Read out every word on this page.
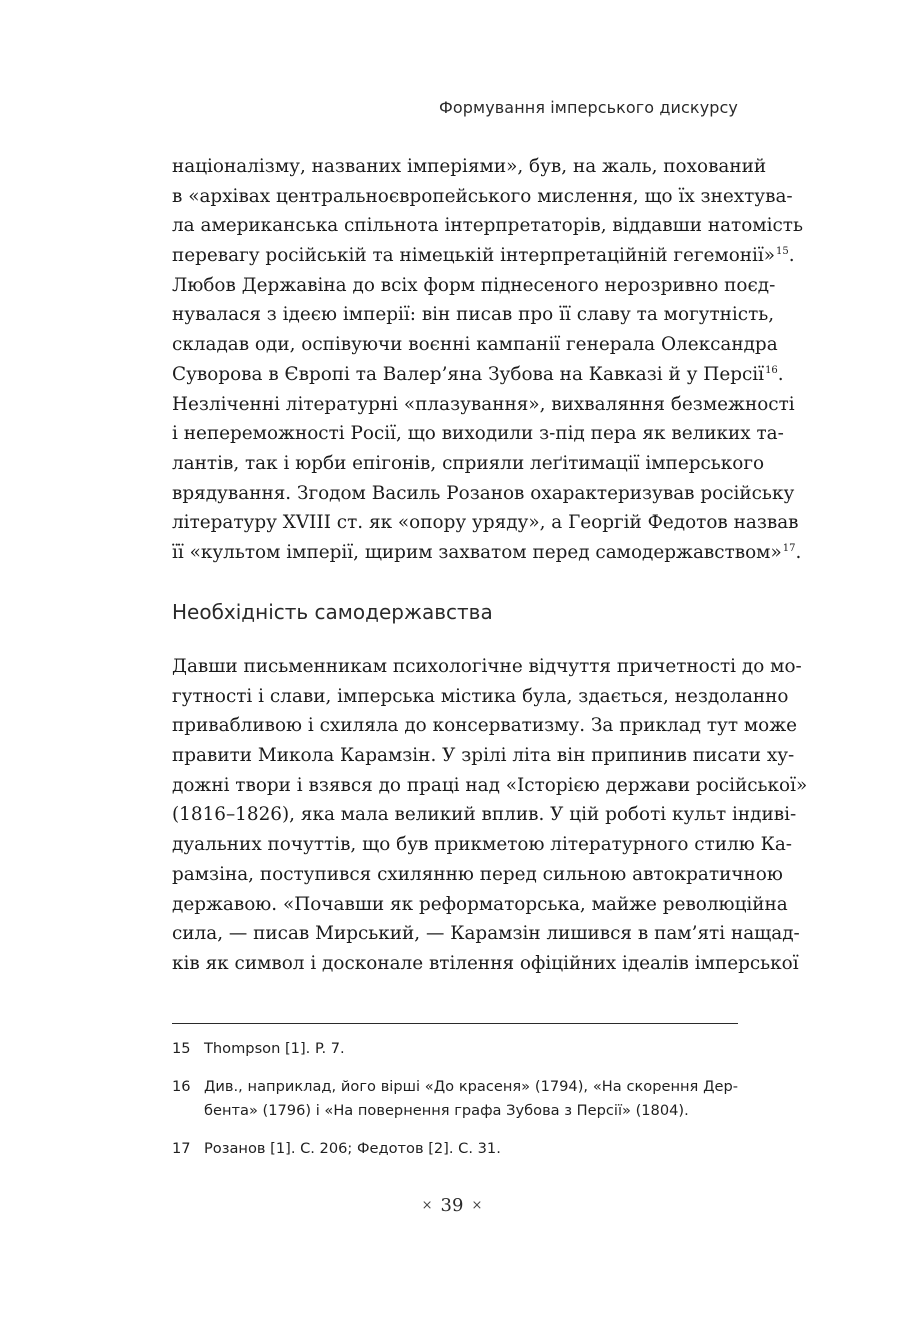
Формування імперського дискурсу
націоналізму, названих імперіями», був, на жаль, похований
в «архівах центральноєвропейського мислення, що їх знехтува-
ла американська спільнота інтерпретаторів, віддавши натомість
перевагу російській та німецькій інтерпретаційній гегемонії»$^{15}$.
Любов Державіна до всіх форм піднесеного нерозривно поєд-
нувалася з ідеєю імперії: він писав про її славу та могутність,
складав оди, оспівуючи воєнні кампанії генерала Олександра
Суворова в Європі та Валер’яна Зубова на Кавказі й у Персії$^{16}$.
Незліченні літературні «плазування», вихваляння безмежності
і непереможності Росії, що виходили з-під пера як великих та-
лантів, так і юрби епігонів, сприяли леґітимації імперського
врядування. Згодом Василь Розанов охарактеризував російську
літературу XVIII ст. як «опору уряду», а Георгій Федотов назвав
її «культом імперії, щирим захватом перед самодержавством»$^{17}$.
Необхідність самодержавства
Давши письменникам психологічне відчуття причетності до мо-
гутності і слави, імперська містика була, здається, нездоланно
привабливою і схиляла до консерватизму. За приклад тут може
правити Микола Карамзін. У зрілі літа він припинив писати ху-
дожні твори і взявся до праці над «Історією держави російської»
(1816–1826), яка мала великий вплив. У цій роботі культ індиві-
дуальних почуттів, що був прикметою літературного стилю Ка-
рамзіна, поступився схилянню перед сильною автократичною
державою. «Почавши як реформаторська, майже революційна
сила, — писав Мирський, — Карамзін лишився в пам’яті нащад-
ків як символ і досконале втілення офіційних ідеалів імперської
15 Thompson [1]. P. 7.
16 Див., наприклад, його вірші «До красеня» (1794), «На скорення Дер-
бента» (1796) і «На повернення графа Зубова з Персії» (1804).
17 Розанов [1]. С. 206; Федотов [2]. С. 31.
× 39 ×
